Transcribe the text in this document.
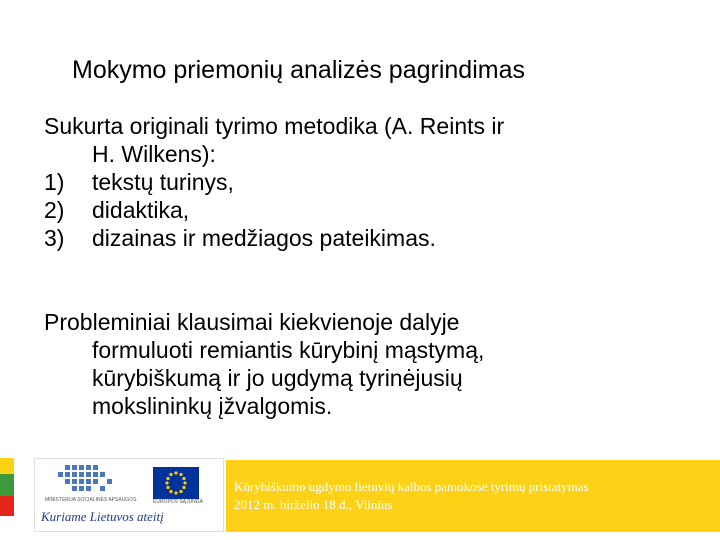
Mokymo priemonių analizės pagrindimas

Sukurta originali tyrimo metodika (A. Reints ir
H. Wilkens):

1)	tekstų turinys,
2)	didaktika,
3)	dizainas ir medžiagos pateikimas.

Probleminiai klausimai kiekvienoje dalyje
formuluoti remiantis kūrybinį mąstymą,
kūrybiškumą ir jo ugdymą tyrinėjusių
mokslininkų įžvalgomis.

MINISTERIJA SOCIALINĖS APSAUGOS	EUROPOS SĄJUNGA
Kuriame Lietuvos ateitį
Kūrybiškumo ugdymo lietuvių kalbos pamokose tyrimų pristatymas
2012 m. birželio 18 d., Vilnius
